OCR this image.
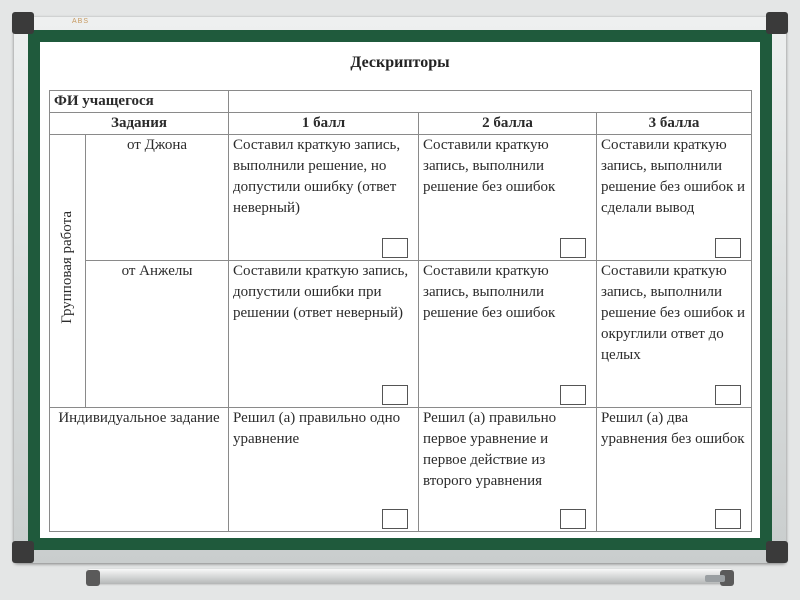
ABS
Дескрипторы
ФИ учащегося				
Задания		1 балл	2 балла	3 балла
Групповая работа	от Джона	Составил краткую запись, выполнили решение, но допустили ошибку (ответ неверный)	Составили краткую запись, выполнили решение без ошибок	Составили краткую запись, выполнили решение без ошибок и сделали вывод

	от Анжелы	Составили краткую запись, допустили ошибки при решении (ответ неверный)	Составили краткую запись, выполнили решение без ошибок	Составили краткую запись, выполнили решение без ошибок и округлили ответ до целых

Индивидуальное задание		Решил (а) правильно одно уравнение	Решил (а) правильно первое уравнение и первое действие из второго уравнения	Решил (а) два уравнения без ошибок
